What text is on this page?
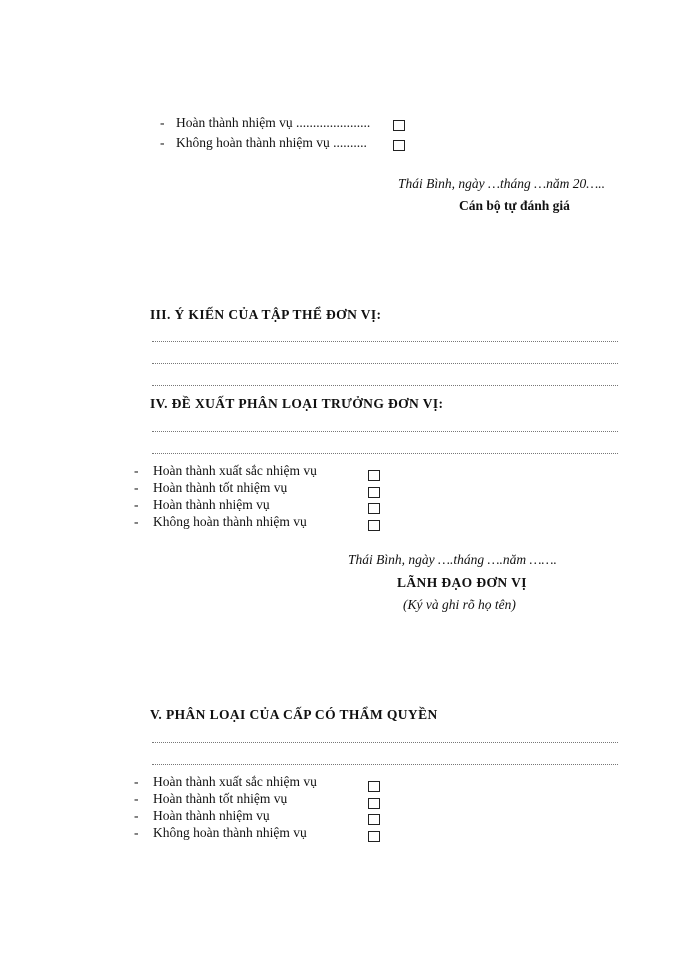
- Hoàn thành nhiệm vụ ......................
- Không hoàn thành nhiệm vụ ..........
Thái Bình, ngày …tháng …năm 20…..
Cán bộ tự đánh giá
III. Ý KIẾN CỦA TẬP THỂ ĐƠN VỊ:
IV. ĐỀ XUẤT PHÂN LOẠI TRƯỞNG ĐƠN VỊ:
- Hoàn thành xuất sắc nhiệm vụ
- Hoàn thành tốt nhiệm vụ
- Hoàn thành nhiệm vụ
- Không hoàn thành nhiệm vụ
Thái Bình, ngày ….tháng ….năm …….
LÃNH ĐẠO ĐƠN VỊ
(Ký và ghi rõ họ tên)
V. PHÂN LOẠI CỦA CẤP CÓ THẨM QUYỀN
- Hoàn thành xuất sắc nhiệm vụ
- Hoàn thành tốt nhiệm vụ
- Hoàn thành nhiệm vụ
- Không hoàn thành nhiệm vụ
